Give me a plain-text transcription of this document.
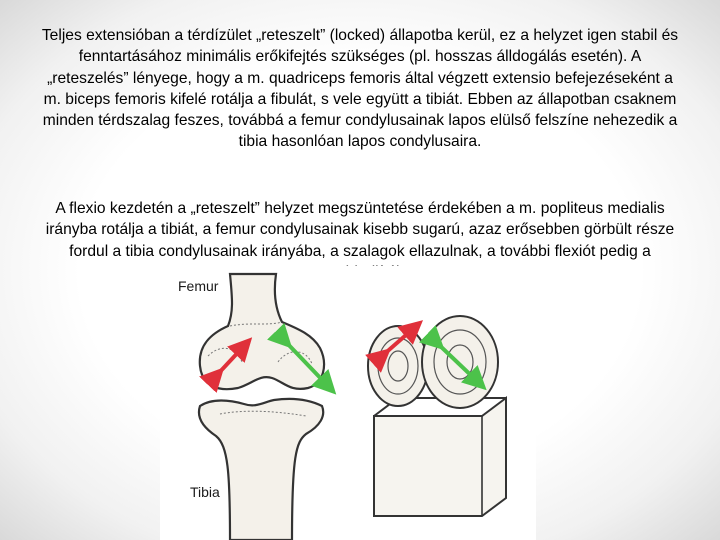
Teljes extensióban a térdízület „reteszelt” (locked) állapotba kerül, ez a helyzet igen stabil és fenntartásához minimális erőkifejtés szükséges (pl. hosszas álldogálás esetén). A „reteszelés” lényege, hogy a m. quadriceps femoris által végzett extensio befejezéseként a m. biceps femoris kifelé rotálja a fibulát, s vele együtt a tibiát. Ebben az állapotban csaknem minden térdszalag feszes, továbbá a femur condylusainak lapos elülső felszíne nehezedik a tibia hasonlóan lapos condylusaira.
A flexio kezdetén a „reteszelt” helyzet megszüntetése érdekében a m. popliteus medialis irányba rotálja a tibiát, a femur condylusainak kisebb sugarú, azaz erősebben görbült része fordul a tibia condylusainak irányába, a szalagok ellazulnak, a további flexiót pedig a
Femur
Tibia
